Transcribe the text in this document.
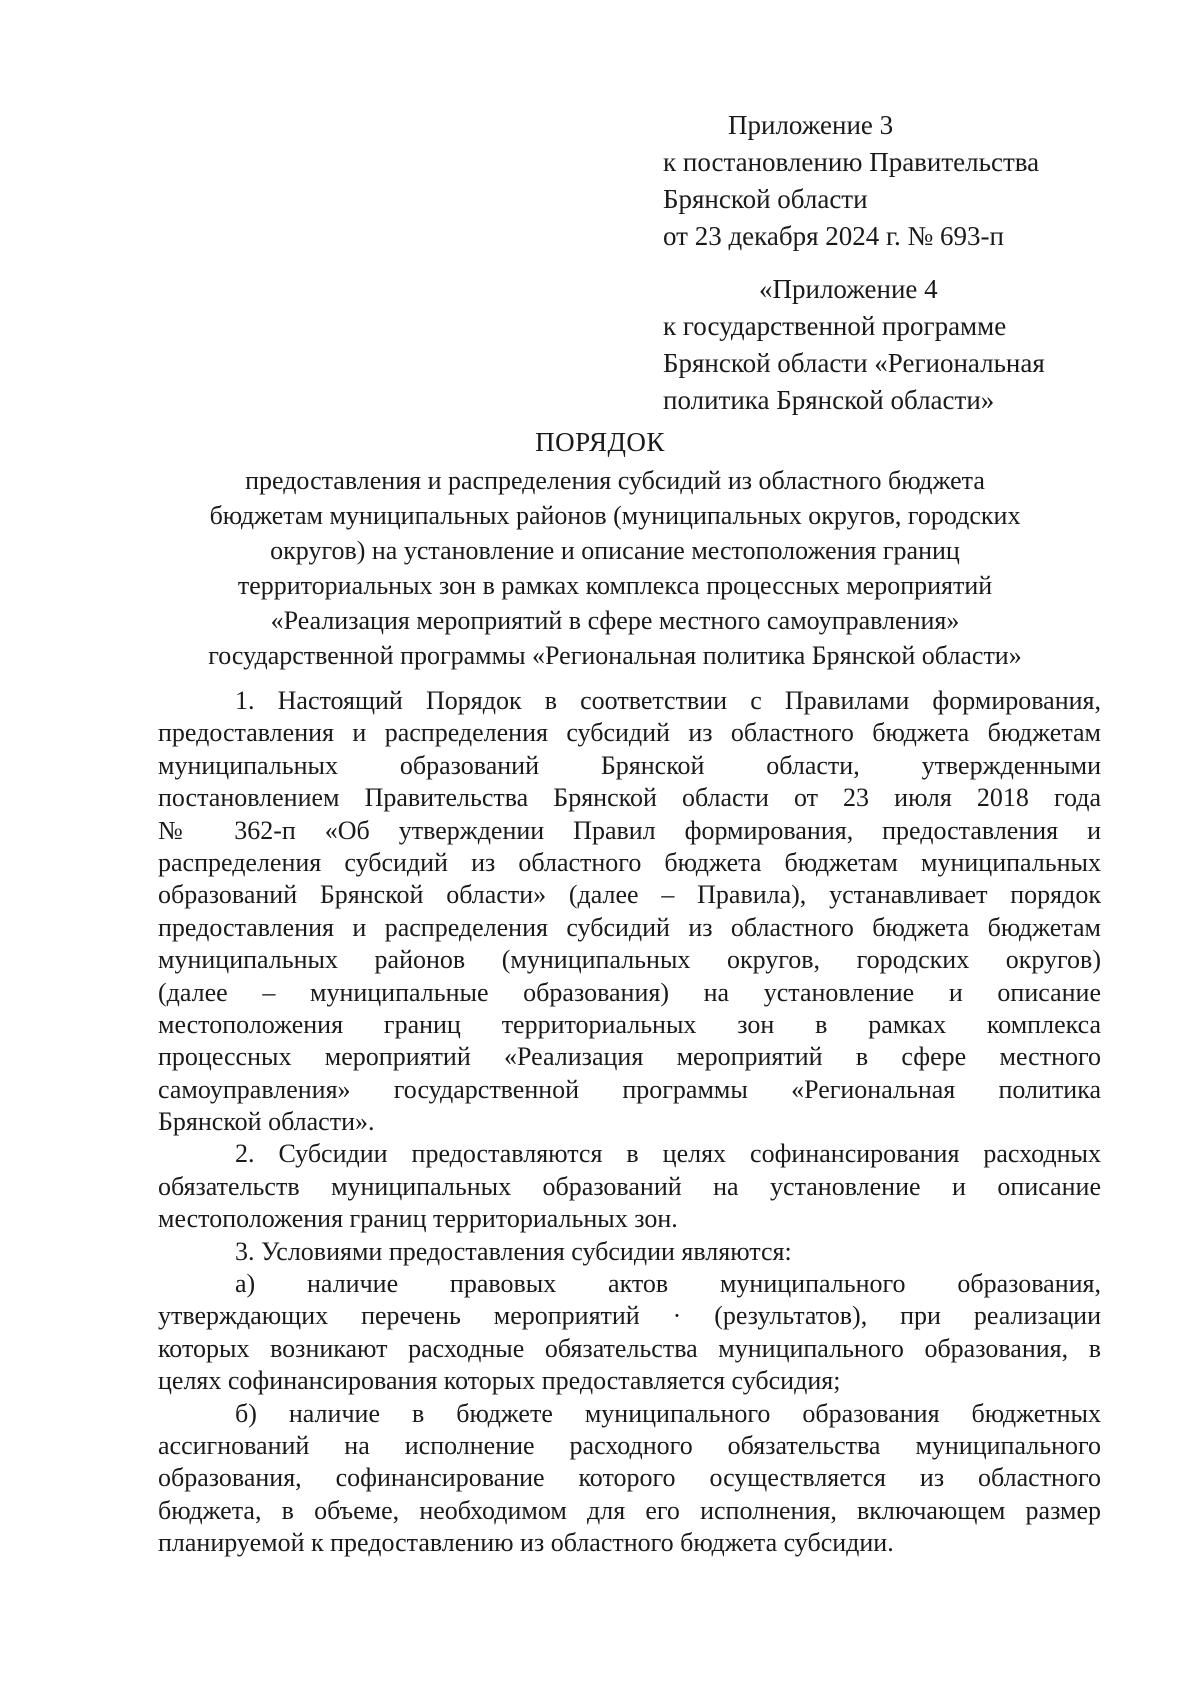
Приложение 3
к постановлению Правительства
Брянской области
от 23 декабря 2024 г. № 693-п
«Приложение 4
к государственной программе
Брянской области «Региональная
политика Брянской области»
ПОРЯДОК
предоставления и распределения субсидий из областного бюджета
бюджетам муниципальных районов (муниципальных округов, городских
округов) на установление и описание местоположения границ
территориальных зон в рамках комплекса процессных мероприятий
«Реализация мероприятий в сфере местного самоуправления»
государственной программы «Региональная политика Брянской области»
1. Настоящий Порядок в соответствии с Правилами формирования,
предоставления и распределения субсидий из областного бюджета бюджетам
муниципальных образований Брянской области, утвержденными
постановлением Правительства Брянской области от 23 июля 2018 года
№ 362-п «Об утверждении Правил формирования, предоставления и
распределения субсидий из областного бюджета бюджетам муниципальных
образований Брянской области» (далее – Правила), устанавливает порядок
предоставления и распределения субсидий из областного бюджета бюджетам
муниципальных районов (муниципальных округов, городских округов)
(далее – муниципальные образования) на установление и описание
местоположения границ территориальных зон в рамках комплекса
процессных мероприятий «Реализация мероприятий в сфере местного
самоуправления» государственной программы «Региональная политика
Брянской области».
2. Субсидии предоставляются в целях софинансирования расходных
обязательств муниципальных образований на установление и описание
местоположения границ территориальных зон.
3. Условиями предоставления субсидии являются:
а) наличие правовых актов муниципального образования,
утверждающих перечень мероприятий · (результатов), при реализации
которых возникают расходные обязательства муниципального образования, в
целях софинансирования которых предоставляется субсидия;
б) наличие в бюджете муниципального образования бюджетных
ассигнований на исполнение расходного обязательства муниципального
образования, софинансирование которого осуществляется из областного
бюджета, в объеме, необходимом для его исполнения, включающем размер
планируемой к предоставлению из областного бюджета субсидии.
